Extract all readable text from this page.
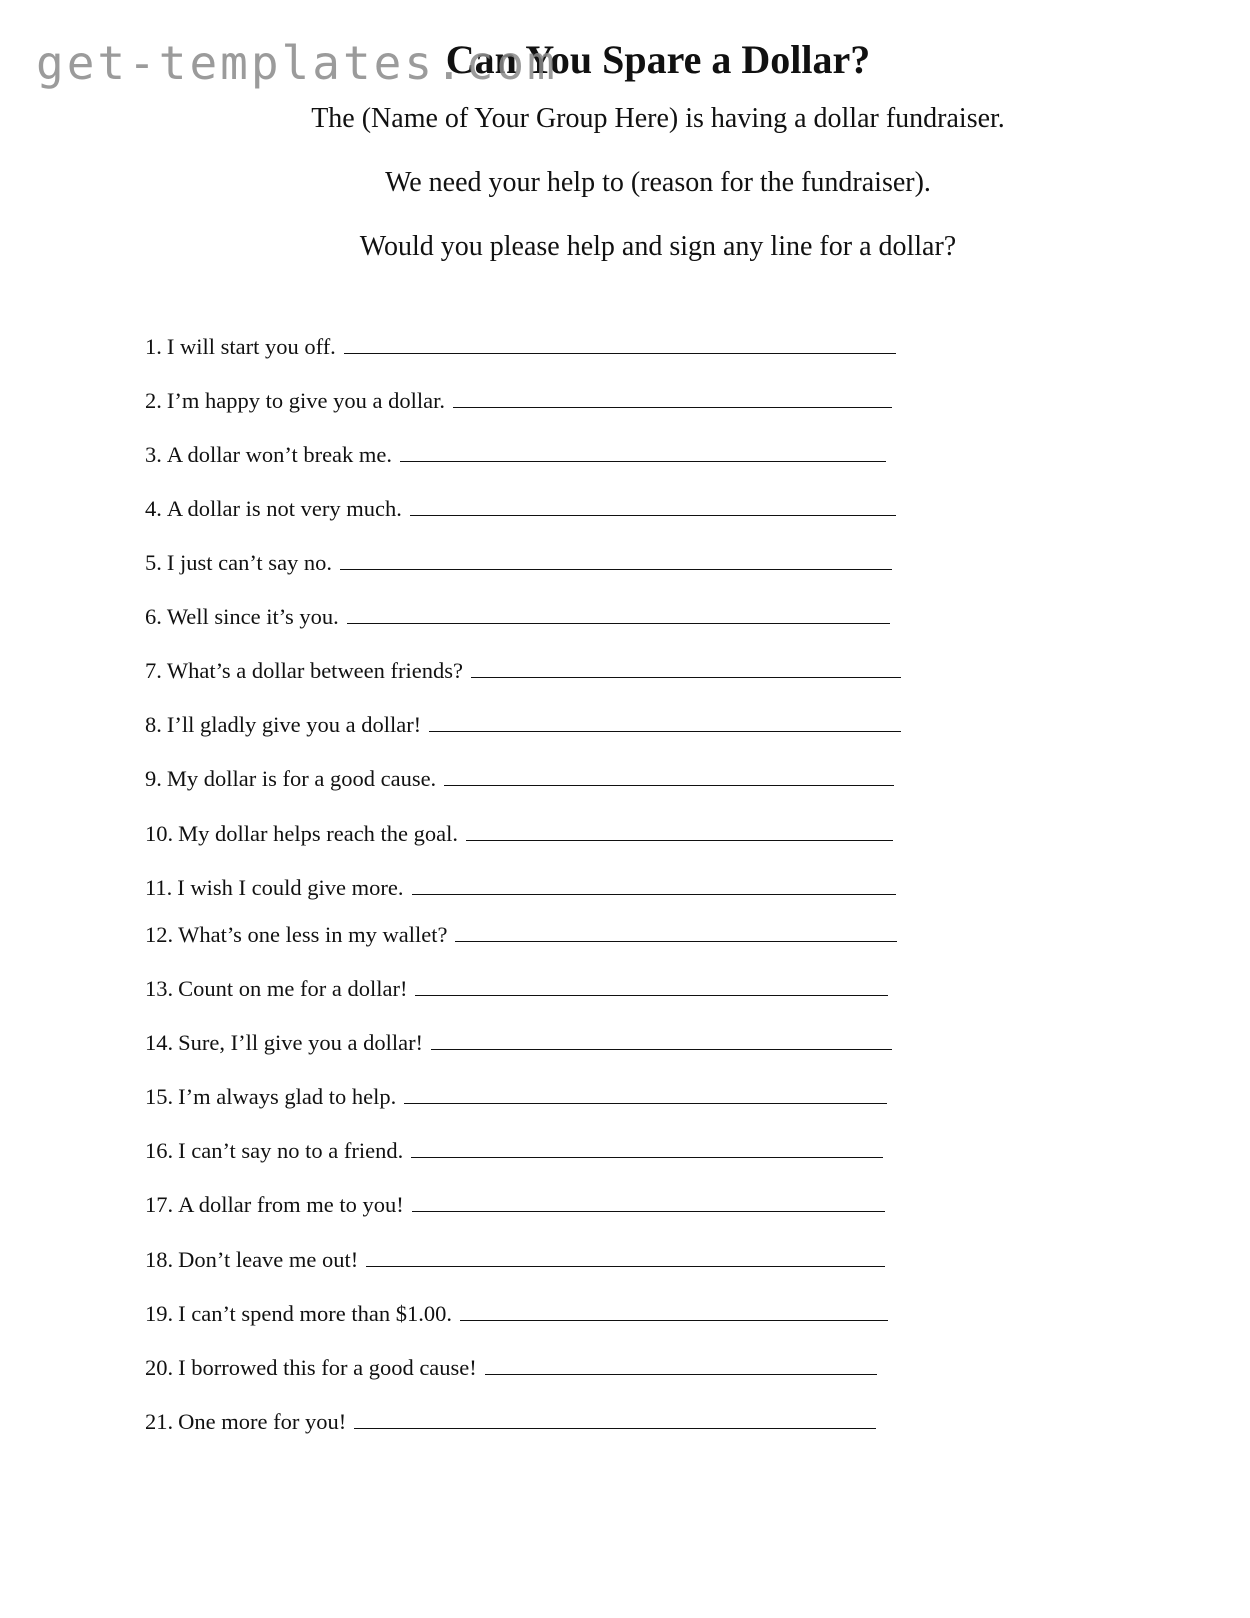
get-templates.com
Can You Spare a Dollar?

The (Name of Your Group Here) is having a dollar fundraiser.

We need your help to (reason for the fundraiser).

Would you please help and sign any line for a dollar?

1. I will start you off.
2. I’m happy to give you a dollar.
3. A dollar won’t break me.
4. A dollar is not very much.
5. I just can’t say no.
6. Well since it’s you.
7. What’s a dollar between friends?
8. I’ll gladly give you a dollar!
9. My dollar is for a good cause.
10. My dollar helps reach the goal.
11. I wish I could give more.
12. What’s one less in my wallet?
13. Count on me for a dollar!
14. Sure, I’ll give you a dollar!
15. I’m always glad to help.
16. I can’t say no to a friend.
17. A dollar from me to you!
18. Don’t leave me out!
19. I can’t spend more than $1.00.
20. I borrowed this for a good cause!
21. One more for you!
